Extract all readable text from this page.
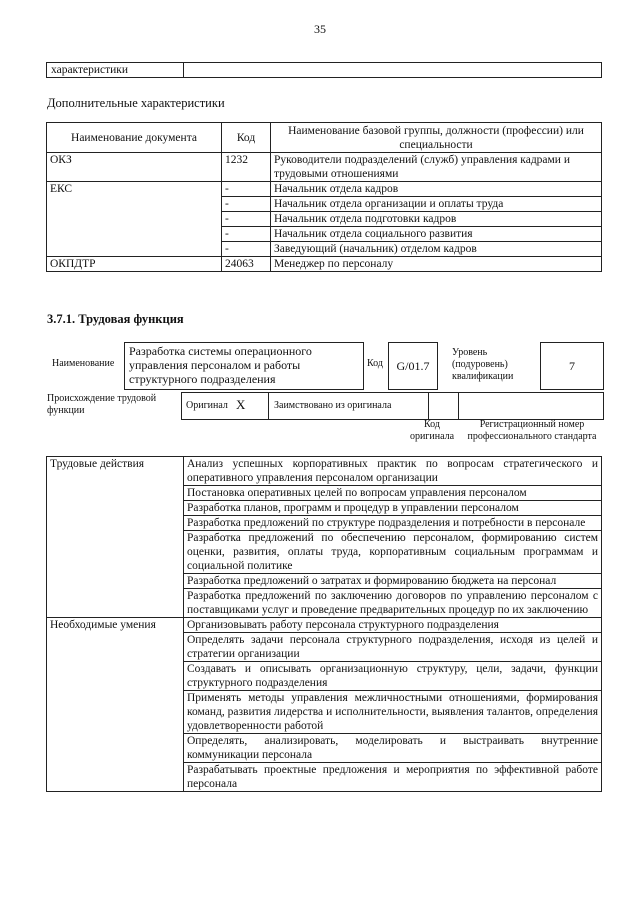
35
характеристики	
Дополнительные характеристики
Наименование документа	Код	Наименование базовой группы, должности (профессии) или специальности
ОКЗ	1232	Руководители подразделений (служб) управления кадрами и трудовыми отношениями
ЕКС	-	Начальник отдела кадров
	-	Начальник отдела организации и оплаты труда
	-	Начальник отдела подготовки кадров
	-	Начальник отдела социального развития
	-	Заведующий (начальник) отделом кадров
ОКПДТР	24063	Менеджер по персоналу
3.7.1. Трудовая функция
Наименование
Разработка системы операционного управления персоналом и работы структурного подразделения
Код	G/01.7
Уровень (подуровень) квалификации
7
Происхождение трудовой функции	Оригинал X	Заимствовано из оригинала
Код оригинала
Регистрационный номер профессионального стандарта
Трудовые действия	Анализ успешных корпоративных практик по вопросам стратегического и оперативного управления персоналом организации
	Постановка оперативных целей по вопросам управления персоналом
	Разработка планов, программ и процедур в управлении персоналом
	Разработка предложений по структуре подразделения и потребности в персонале
	Разработка предложений по обеспечению персоналом, формированию систем оценки, развития, оплаты труда, корпоративным социальным программам и социальной политике
	Разработка предложений о затратах и формированию бюджета на персонал
	Разработка предложений по заключению договоров по управлению персоналом с поставщиками услуг и проведение предварительных процедур по их заключению
Необходимые умения	Организовывать работу персонала структурного подразделения
	Определять задачи персонала структурного подразделения, исходя из целей и стратегии организации
	Создавать и описывать организационную структуру, цели, задачи, функции структурного подразделения
	Применять методы управления межличностными отношениями, формирования команд, развития лидерства и исполнительности, выявления талантов, определения удовлетворенности работой
	Определять, анализировать, моделировать и выстраивать внутренние коммуникации персонала
	Разрабатывать проектные предложения и мероприятия по эффективной работе персонала
